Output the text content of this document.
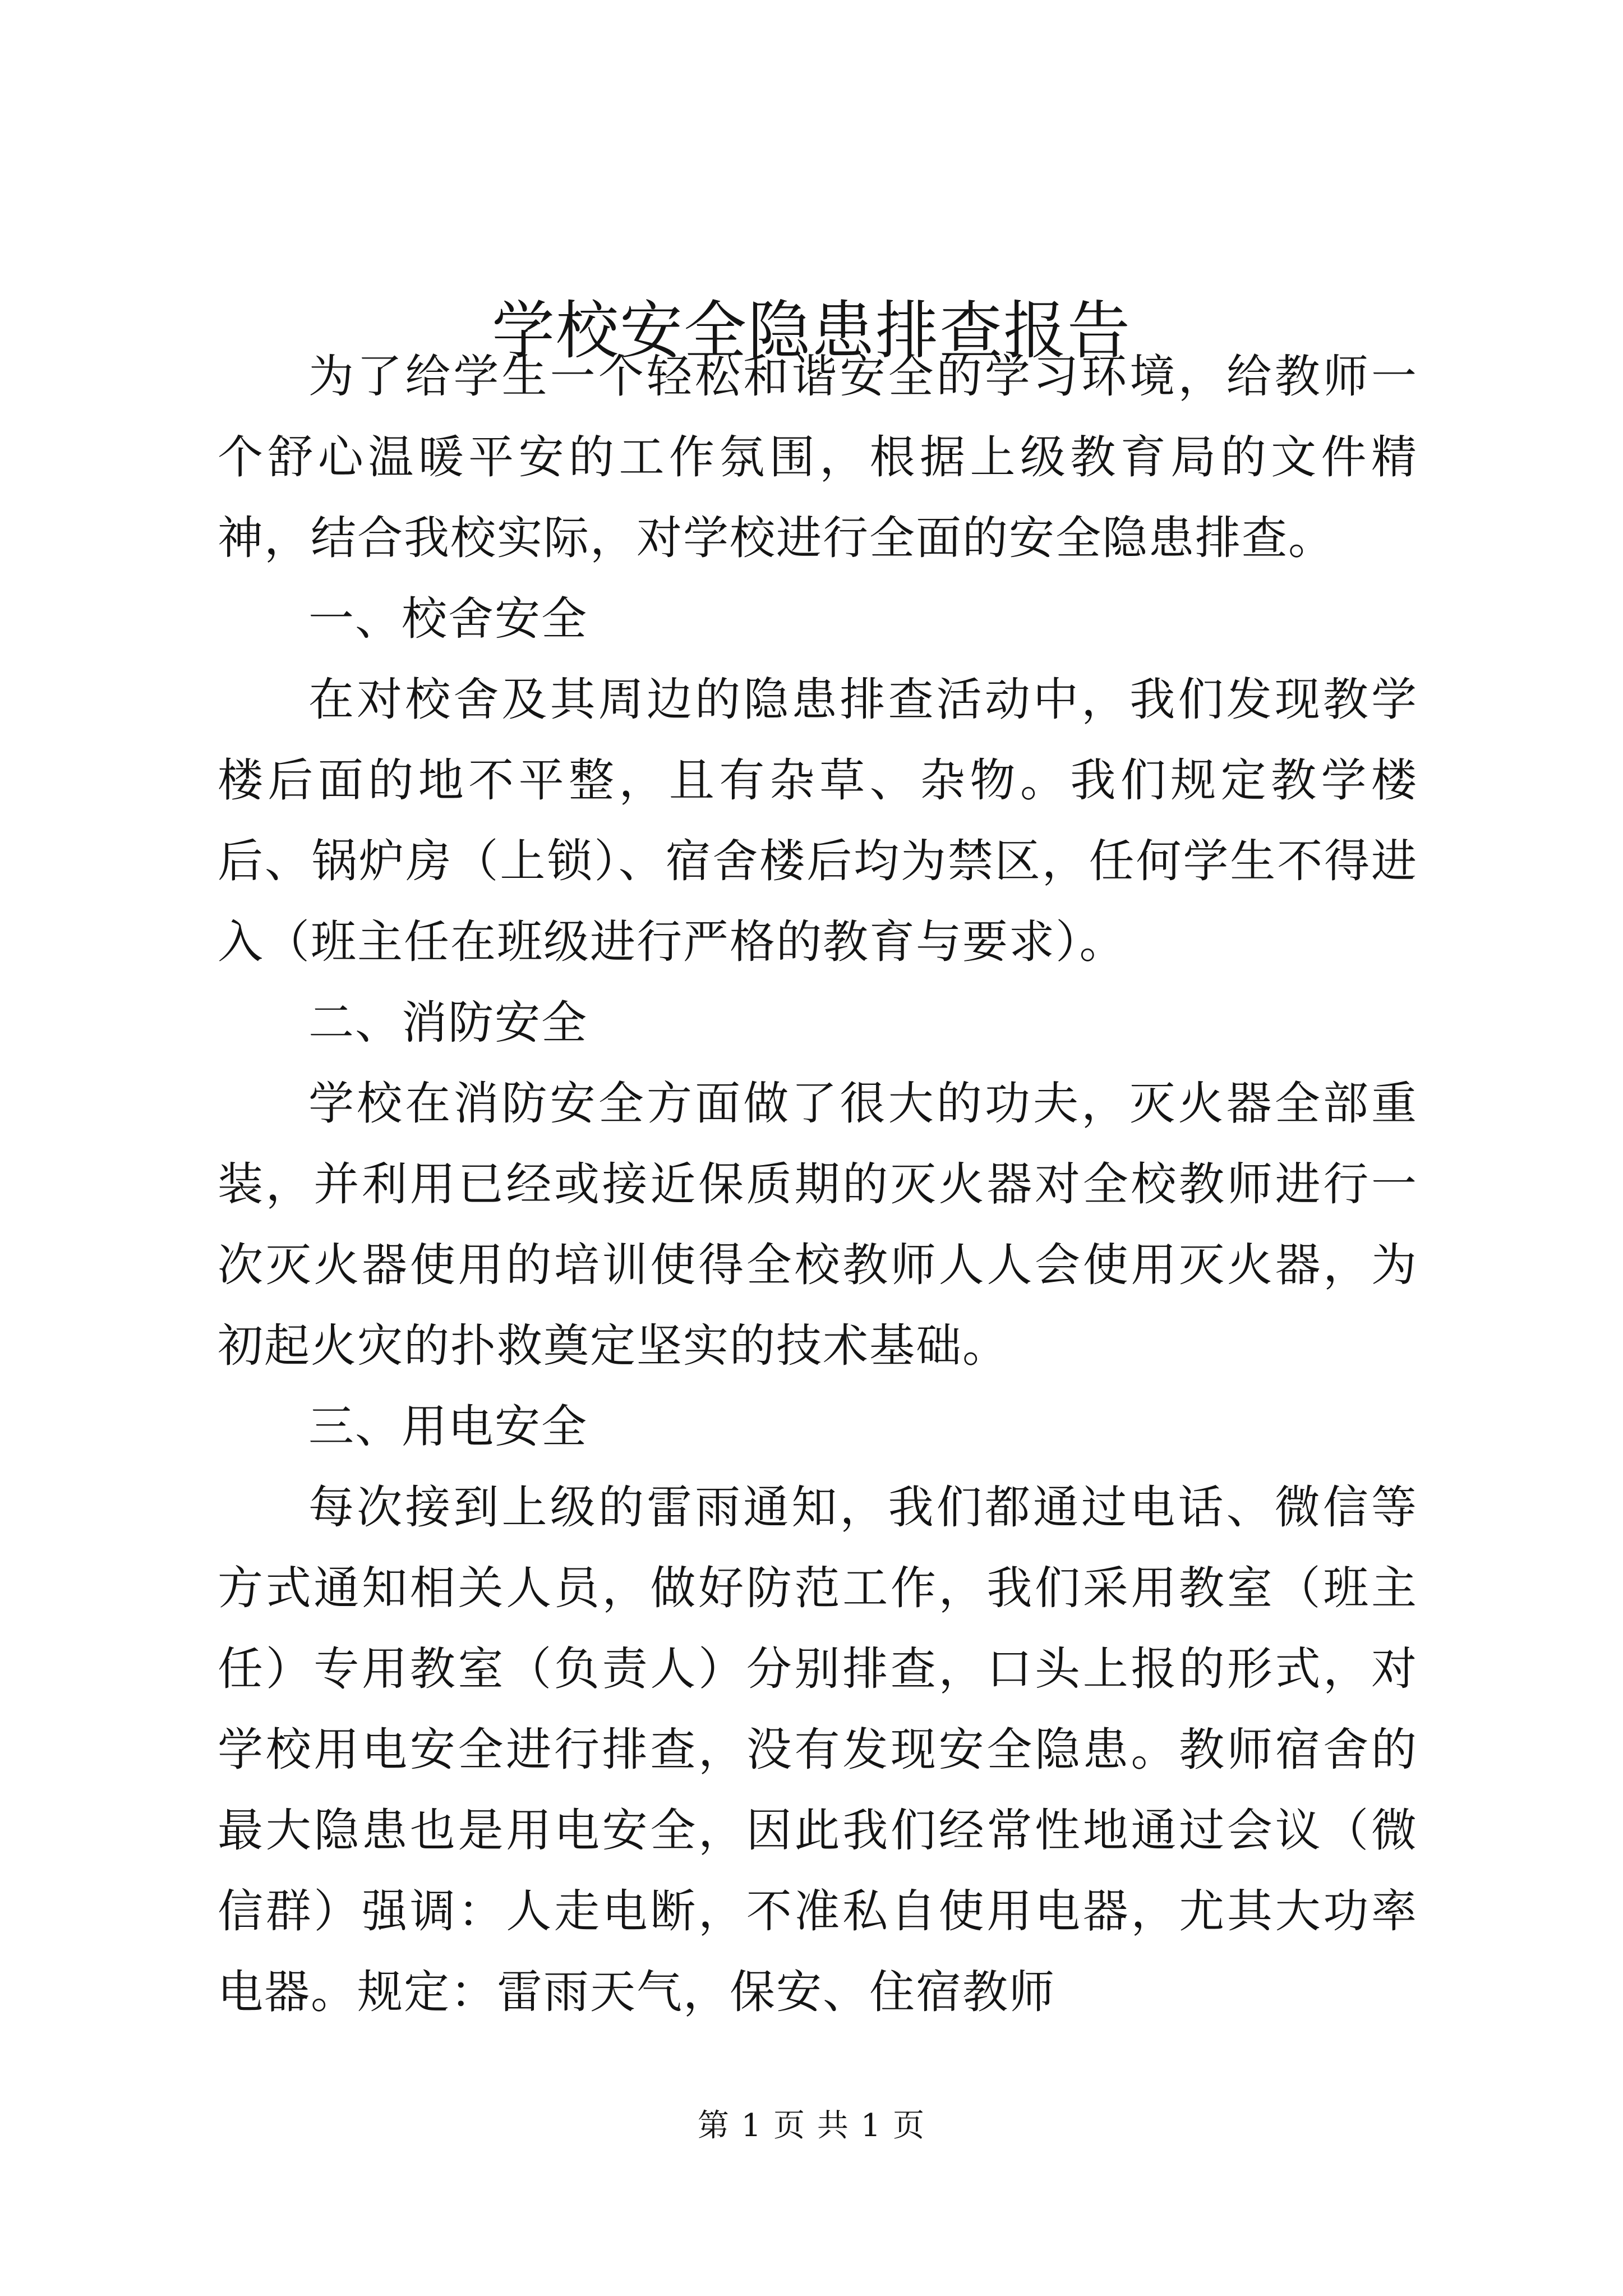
学校安全隐患排查报告

为了给学生一个轻松和谐安全的学习环境，给教师一个舒心温暖平安的工作氛围，根据上级教育局的文件精神，结合我校实际，对学校进行全面的安全隐患排查。

一、校舍安全

在对校舍及其周边的隐患排查活动中，我们发现教学楼后面的地不平整，且有杂草、杂物。我们规定教学楼后、锅炉房（上锁）、宿舍楼后均为禁区，任何学生不得进入（班主任在班级进行严格的教育与要求）。

二、消防安全

学校在消防安全方面做了很大的功夫，灭火器全部重装，并利用已经或接近保质期的灭火器对全校教师进行一次灭火器使用的培训使得全校教师人人会使用灭火器，为初起火灾的扑救奠定坚实的技术基础。

三、用电安全

每次接到上级的雷雨通知，我们都通过电话、微信等方式通知相关人员，做好防范工作，我们采用教室（班主任）专用教室（负责人）分别排查，口头上报的形式，对学校用电安全进行排查，没有发现安全隐患。教师宿舍的最大隐患也是用电安全，因此我们经常性地通过会议（微信群）强调：人走电断，不准私自使用电器，尤其大功率电器。规定：雷雨天气，保安、住宿教师

第 1 页 共 1 页
